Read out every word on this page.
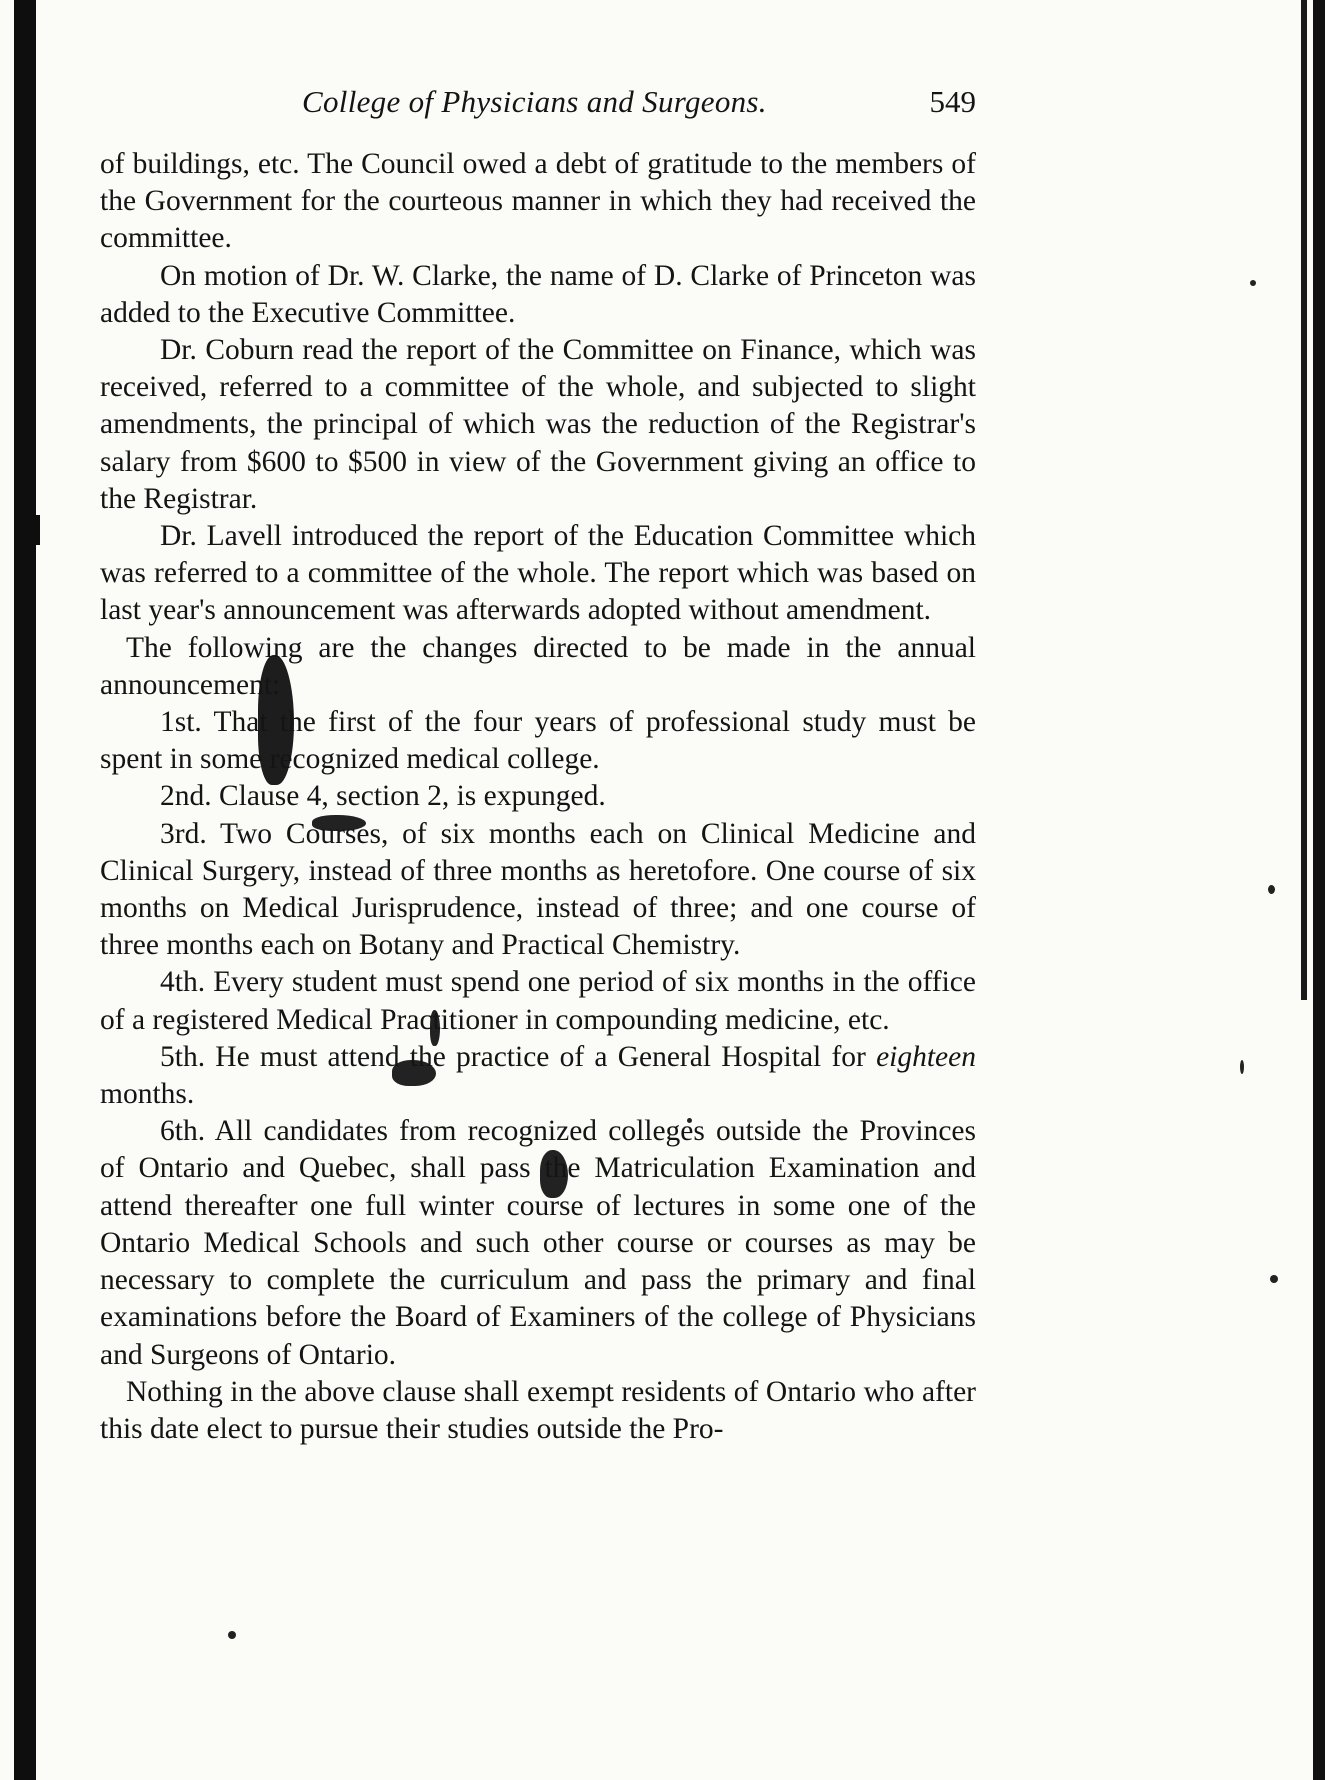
College of Physicians and Surgeons.	549

of buildings, etc. The Council owed a debt of gratitude to the members of the Government for the courteous manner in which they had received the committee.

On motion of Dr. W. Clarke, the name of D. Clarke of Princeton was added to the Executive Committee.

Dr. Coburn read the report of the Committee on Finance, which was received, referred to a committee of the whole, and subjected to slight amendments, the principal of which was the reduction of the Registrar's salary from $600 to $500 in view of the Government giving an office to the Registrar.

Dr. Lavell introduced the report of the Education Committee which was referred to a committee of the whole. The report which was based on last year's announcement was afterwards adopted without amendment.

The following are the changes directed to be made in the annual announcement:

1st. That the first of the four years of professional study must be spent in some recognized medical college.

2nd. Clause 4, section 2, is expunged.

3rd. Two Courses, of six months each on Clinical Medicine and Clinical Surgery, instead of three months as heretofore. One course of six months on Medical Jurisprudence, instead of three; and one course of three months each on Botany and Practical Chemistry.

4th. Every student must spend one period of six months in the office of a registered Medical Practitioner in compounding medicine, etc.

5th. He must attend the practice of a General Hospital for eighteen months.

6th. All candidates from recognized colleges outside the Provinces of Ontario and Quebec, shall pass the Matriculation Examination and attend thereafter one full winter course of lectures in some one of the Ontario Medical Schools and such other course or courses as may be necessary to complete the curriculum and pass the primary and final examinations before the Board of Examiners of the college of Physicians and Surgeons of Ontario.

Nothing in the above clause shall exempt residents of Ontario who after this date elect to pursue their studies outside the Pro-
